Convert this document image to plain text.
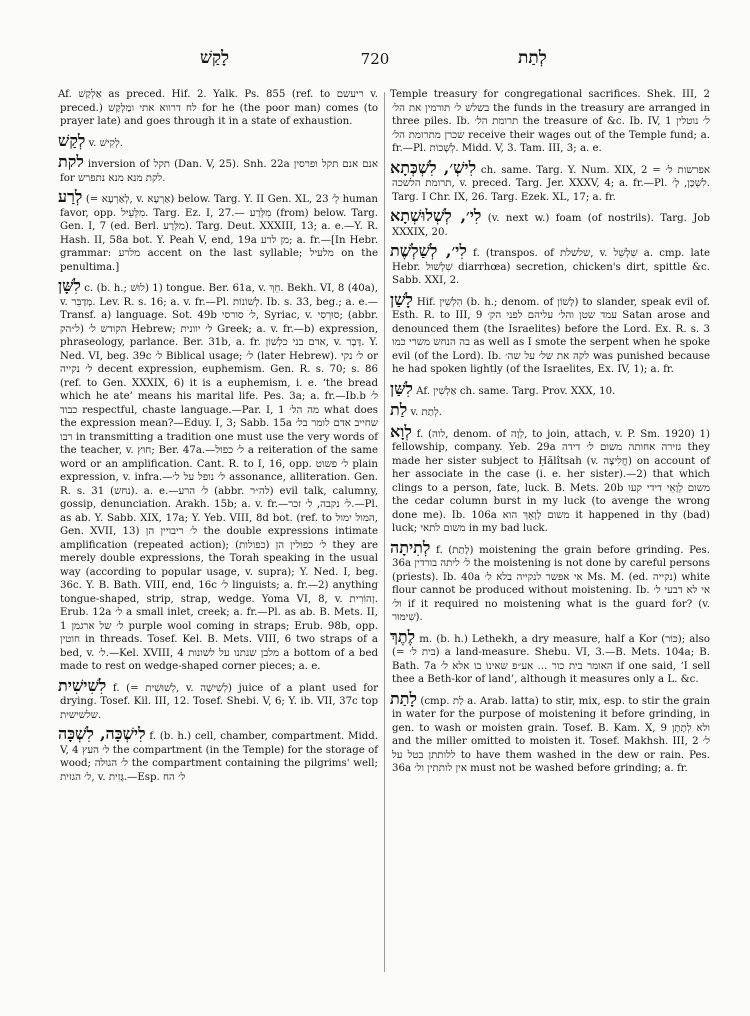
לָקַשׁ	720	לְתַת

Af. אַלְקַשׁ as preced. Hif. 2. Yalk. Ps. 855 (ref. to ריעשם v. preced.) לח דרווא אתי ומַלְקַשׁ for he (the poor man) comes (to prayer late) and goes through it in a state of exhaustion.

לְקַשׁ v. לְקִישׁ.

לקת inversion of תקל (Dan. V, 25). Snh. 22a אנם אנם תקל ופרסין for לקת מנא מנא נתפרש.

לְרַע (= לְאַרְעָא, v. אַרְעָא) below. Targ. Y. II Gen. XL, 23 לְ׳ human favor, opp. מִלְּעֵיל. Targ. Ez. I, 27.— מִלְּרַע (from) below. Targ. Gen. I, 7 (ed. Berl. מִלְּרָע). Targ. Deut. XXXIII, 13; a. e.—Y. R. Hash. II, 58a bot. Y. Peah V, end, 19a מן לרע; a. fr.—[In Hebr. grammar: מלרע accent on the last syllable; מלעיל on the penultima.]

לִשָּׁן c. (b. h.; לוּשׁ) 1) tongue. Ber. 61a, v. חֵךְ. Bekh. VI, 8 (40a), v. מְדַבֵּר. Lev. R. s. 16; a. v. fr.—Pl. לְשׁוֹנוֹת. Ib. s. 33, beg.; a. e.—Transf. a) language. Sot. 49b ל׳ סורסי, Syriac, v. סוּרְסִי; (abbr. ל״הק) הקודש ל׳ Hebrew; ל׳ יוונית Greek; a. v. fr.—b) expression, phraseology, parlance. Ber. 31b, a. fr. אדם בני כלְשׁוֹן, v. דָּבָר. Y. Ned. VI, beg. 39c ל׳ Biblical usage; ל׳ (later Hebrew). ל׳ נקי or ל׳ נקייה decent expression, euphemism. Gen. R. s. 70; s. 86 (ref. to Gen. XXXIX, 6) it is a euphemism, i. e. ‘the bread which he ate’ means his marital life. Pes. 3a; a. fr.—Ib.b ל׳ כבוד respectful, chaste language.—Par. I, 1 מה הל׳ what does the expression mean?—Eduy. I, 3; Sabb. 15a שחייב אדם לומר בל׳ רבו in transmitting a tradition one must use the very words of the teacher, v. חוּץ; Ber. 47a.—ל׳ כפול a reiteration of the same word or an amplification. Cant. R. to I, 16, opp. ל׳ פשוט plain expression, v. infra.—ל׳ נופל על ל׳ assonance, alliteration. Gen. R. s. 31 (נחש). a. e.—ל׳ הרע (abbr. לה״ר) evil talk, calumny, gossip, denunciation. Arakh. 15b; a. v. fr.—ל׳ נקבה, ל׳ זכר.—Pl. as ab. Y. Sabb. XIX, 17a; Y. Yeb. VIII, 8d bot. (ref. to המול ימול, Gen. XVII, 13) ל׳ ריבויין הן the double expressions intimate amplification (repeated action); ל׳ כפולין הן (כפולות) they are merely double expressions, the Torah speaking in the usual way (according to popular usage, v. supra); Y. Ned. I, beg. 36c. Y. B. Bath. VIII, end, 16c ל׳ linguists; a. fr.—2) anything tongue-shaped, strip, strap, wedge. Yoma VI, 8, v. זְהוֹרִית. Erub. 12a ל׳ a small inlet, creek; a. fr.—Pl. as ab. B. Mets. II, 1 ל׳ של ארגמן purple wool coming in straps; Erub. 98b, opp. חוטין in threads. Tosef. Kel. B. Mets. VIII, 6 two straps of a bed, v. ל׳.—Kel. XVIII, 4 מלבן שנתנו על לשונות a bottom of a bed made to rest on wedge-shaped corner pieces; a. e.

לִשִׁישִׁית f. (= לְשׁוּשִׁית, v. לְשִׁישָׁה) juice of a plant used for drying. Tosef. Kil. III, 12. Tosef. Shebi. V, 6; Y. ib. VII, 37c top שלשישית.

לִישְׁכָּה, לִשְׁכָּה f. (b. h.) cell, chamber, compartment. Midd. V, 4 ל׳ העץ the compartment (in the Temple) for the storage of wood; ל׳ הגולה the compartment containing the pilgrims' well; ל׳ הגזית, v. גָּזִית.—Esp. ל׳ הח

Temple treasury for congregational sacrifices. Shek. III, 2 בשלש ל׳ תורמין את הל׳ the funds in the treasury are arranged in three piles. Ib. תרומת הל׳ the treasure of &c. Ib. IV, 1 ל׳ נוטלין שכרן מתרומת הל׳ receive their wages out of the Temple fund; a. fr.—Pl. לְשָׁכוֹת. Midd. V, 3. Tam. III, 3; a. e.

לִישְׁ׳, לִשְׁכְּתָא ch. same. Targ. Y. Num. XIX, 2 אפרשות ל׳ = תרומת הלשכה, v. preced. Targ. Jer. XXXV, 4; a. fr.—Pl. לִשְׁכָּן, לְ׳. Targ. I Chr. IX, 26. Targ. Ezek. XL, 17; a. fr.

לִי׳, לְשְׁלוּשְׁתָא (v. next w.) foam (of nostrils). Targ. Job XXXIX, 20.

לִי׳, לְשַׁלְשֶׁת f. (transpos. of שלשלת, v. שִׁלְשֵׁל a. cmp. late Hebr. שִׁלְשׁוּל diarrhœa) secretion, chicken's dirt, spittle &c. Sabb. XXI, 2.

לָשַׁן Hif. הִלְשִׁין (b. h.; denom. of לָשׁוֹן) to slander, speak evil of. Esth. R. to III, 9 עמד שטן והל׳ עליהם לפני הק׳ Satan arose and denounced them (the Israelites) before the Lord. Ex. R. s. 3 בה הנחש משרי כמו as well as I smote the serpent when he spoke evil (of the Lord). Ib. לקה את של׳ על שה׳ was punished because he had spoken lightly (of the Israelites, Ex. IV, 1); a. fr.

לִשַּׁן Af. אַלְשִׁין ch. same. Targ. Prov. XXX, 10.

לַת v. לְתַת.

לְוָא f. (לוה, denom. of לְוָה, to join, attach, v. P. Sm. 1920) 1) fellowship, company. Yeb. 29a גזירה אחותה משום ל׳ דידה they made her sister subject to Ḥălîtsah (v. חֲלִיצָה) on account of her associate in the case (i. e. her sister).—2) that which clings to a person, fate, luck. B. Mets. 20b משום לְוָאֵי דידי קעו the cedar column burst in my luck (to avenge the wrong done me). Ib. 106a משום לְוָאֵךְ הוא it happened in thy (bad) luck; משום לתאי in my bad luck.

לְתִיתָה f. (לָתַת) moistening the grain before grinding. Pes. 36a ל׳ ליתה בורדין the moistening is not done by careful persons (priests). Ib. 40a אי אפשר לנקייה בלא ל׳ Ms. M. (ed. נקייה) white flour cannot be produced without moistening. Ib. אי לא דבעי ל׳ ול׳ if it required no moistening what is the guard for? (v. שִׁימּוּר).

לֶתֶךְ m. (b. h.) Lethekh, a dry measure, half a Kor (כּוֹר); also (= בית ל׳) a land-measure. Shebu. VI, 3.—B. Mets. 104a; B. Bath. 7a האומר בית כור ... אע״פ שאינו בו אלא ל׳ if one said, ‘I sell thee a Beth-kor of land’, although it measures only a L. &c.

לָתַת (cmp. לַת a. Arab. latta) to stir, mix, esp. to stir the grain in water for the purpose of moistening it before grinding, in gen. to wash or moisten grain. Tosef. B. Kam. X, 9 ולא לְתָתָן and the miller omitted to moisten it. Tosef. Makhsh. III, 2 ל׳ ללותתן בטל על to have them washed in the dew or rain. Pes. 36a אין לותתין ול׳ must not be washed before grinding; a. fr.
